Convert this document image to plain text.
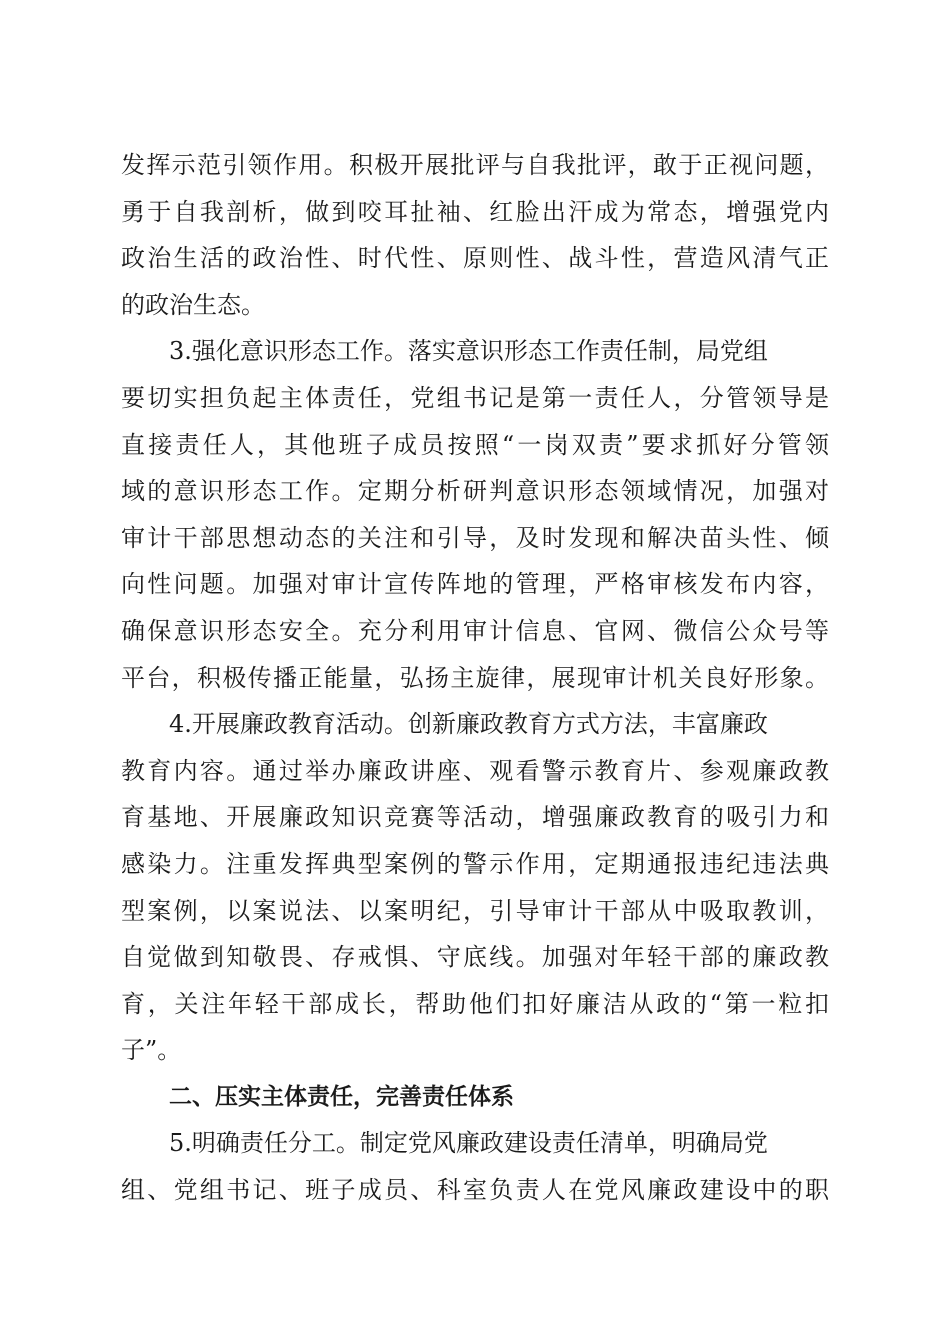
发挥示范引领作用。积极开展批评与自我批评，敢于正视问题，
勇于自我剖析，做到咬耳扯袖、红脸出汗成为常态，增强党内
政治生活的政治性、时代性、原则性、战斗性，营造风清气正
的政治生态。
3.强化意识形态工作。落实意识形态工作责任制，局党组
要切实担负起主体责任，党组书记是第一责任人，分管领导是
直接责任人，其他班子成员按照“一岗双责”要求抓好分管领
域的意识形态工作。定期分析研判意识形态领域情况，加强对
审计干部思想动态的关注和引导，及时发现和解决苗头性、倾
向性问题。加强对审计宣传阵地的管理，严格审核发布内容，
确保意识形态安全。充分利用审计信息、官网、微信公众号等
平台，积极传播正能量，弘扬主旋律，展现审计机关良好形象。
4.开展廉政教育活动。创新廉政教育方式方法，丰富廉政
教育内容。通过举办廉政讲座、观看警示教育片、参观廉政教
育基地、开展廉政知识竞赛等活动，增强廉政教育的吸引力和
感染力。注重发挥典型案例的警示作用，定期通报违纪违法典
型案例，以案说法、以案明纪，引导审计干部从中吸取教训，
自觉做到知敬畏、存戒惧、守底线。加强对年轻干部的廉政教
育，关注年轻干部成长，帮助他们扣好廉洁从政的“第一粒扣
子”。
二、压实主体责任，完善责任体系
5.明确责任分工。制定党风廉政建设责任清单，明确局党
组、党组书记、班子成员、科室负责人在党风廉政建设中的职
